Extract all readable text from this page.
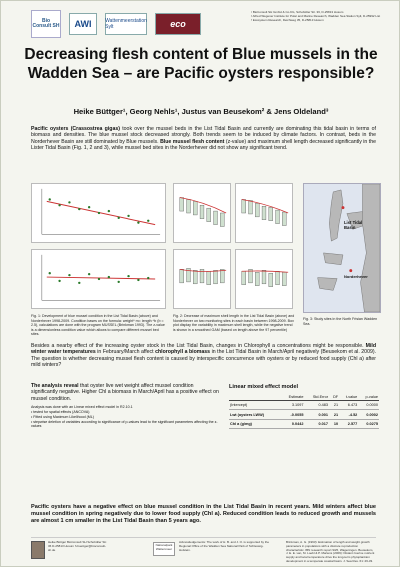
Bio Consult SH AWI	Wattenmeerstation Sylt	eco
¹ BioConsult SH GmbH & Co.KG, Schobüller Str. 36, D-25813 Husum
² Alfred Wegener Institute for Polar and Marine Research, Wadden Sea Station Sylt, D-25992 List
³ Ecosystem Research, Deichweg 35, D-25813 Husum
Decreasing flesh content of Blue mussels in the Wadden Sea – are Pacific oysters responsible?
Heike Büttger¹, Georg Nehls¹, Justus van Beusekom² & Jens Oldeland³
Pacific oysters (Crassostrea gigas) took over the mussel beds in the List Tidal Basin and currently are dominating this tidal basin in terms of biomass and densities. The blue mussel stock decreased strongly. Both trends seem to be induced by climate factors. In contrast, beds in the Norderhever Basin are still dominated by Blue mussels. Blue mussel flesh content (z-value) and maximum shell length decreased significantly in the Lister Tidal Basin (Fig. 1, 2 and 3), while mussel bed sites in the Norderhever did not show any significant trend.
Fig. 1: Development of blue mussel condition in the List Tidal Basin (above) and Norderhever 1998-2009. Condition bases on the formula: weight* m= length ^b (b = 2.5), calculations are done with the program MUSSEL (Brinkman 1993). The z-value is a dimensionless condition value which allows to compare different mussel bed sites.
Fig. 2: Decrease of maximum shell length in the List Tidal Basin (above) and Norderhever on two monitoring sites in each basin between 1998-2009. Box plot display the variability in maximum shell length, while the negative trend is shown in a smoothed GAM (based on length above the 97 percentile)
List Tidal Basin
Norderhever
Fig. 3: Study sites in the North Frisian Wadden Sea.
Besides a nearby effect of the increasing oyster stock in the List Tidal Basin, changes in Chlorophyll a concentrations might be responsible. Mild winter water temperatures in February/March affect chlorophyll a biomass in the List Tidal Basin in March/April negatively (Beusekom et al. 2009). The question is whether decreasing mussel flesh content is caused by interspecific concurrence with oysters or by reduced food supply (Chl a) after mild winters?
The analysis reveal that oyster live wet weight affect mussel condition significantly negative. Higher Chl a biomass in March/April has a positive effect on mussel condition.
Analysis was done with an Linear mixed effect model in R2.10.1
• tested for spatial effects (ANCOVA)
• Fitted using Maximum Likelihood (ML)
• stepwise deletion of variables according to significance of p-values lead to the significant parameters affecting the z-values
Linear mixed effect model
	Estimate	Std.Error	DF	t-value	p-value
(Intercept)	3.1097	0.483	21	6.473	0.0000
Lwt (oysters LWW)	-0.0055	0.001	21	-4.52	0.0002
Chl a (g/mg)	0.0442	0.017	10	2.577	0.0275
Pacific oysters have a negative effect on blue mussel condition in the List Tidal Basin in recent years. Mild winters affect blue mussel condition in spring negatively due to lower food supply (Chl a). Reduced condition leads to reduced growth and mussels are almost 1 cm smaller in the List Tidal Basin than 5 years ago.
Heike Büttger BioConsult SH Schobüller Str. 36 D-25813 Husum h.buettger@bioconsult-sh.de
Nationalpark Wattenmeer
Acknowledgements: The work of H. B. and J. O. is supported by the Regional Office of the Wadden Sea National Park of Schleswig-Holstein.
Brinkman, A. G. (1993): Estimation of length and weight growth parameters in populations with a discrete reproduction characteristic. IBN research report 93/6, Wageningen. Beusekom, J. E. E. van, M. Loebl & P. Martens (2009): Distant riverine nutrient supply and local temperature drive the long-term phytoplankton development in a temperate coastal basin. J. Sea Res. 61: 26-33.
